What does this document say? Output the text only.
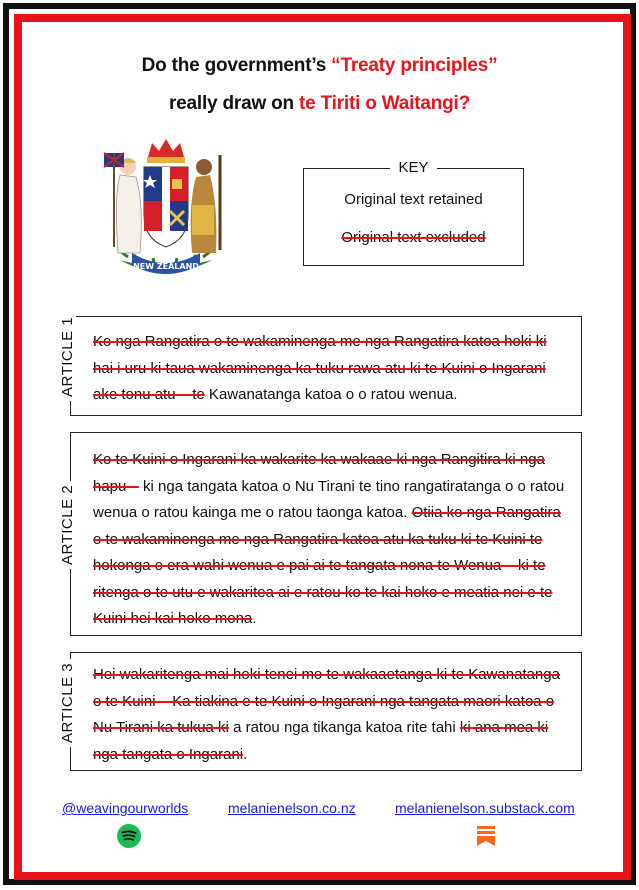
Do the government’s “Treaty principles”
really draw on te Tiriti o Waitangi?
NEW ZEALAND
KEY
Original text retained
Original text excluded
ARTICLE 1 Ko nga Rangatira o te wakaminenga me nga Rangatira katoa hoki ki hai i uru ki taua wakaminenga ka tuku rawa atu ki te Kuini o Ingarani ake tonu atu – te Kawanatanga katoa o o ratou wenua.
ARTICLE 2
Ko te Kuini o Ingarani ka wakarite ka wakaae ki nga Rangitira ki nga hapu – ki nga tangata katoa o Nu Tirani te tino rangatiratanga o o ratou wenua o ratou kainga me o ratou taonga katoa. Otiia ko nga Rangatira o te wakaminenga me nga Rangatira katoa atu ka tuku ki te Kuini te hokonga o era wahi wenua e pai ai te tangata nona te Wenua – ki te ritenga o te utu e wakaritea ai e ratou ko te kai hoko e meatia nei e te Kuini hei kai hoko mona.
ARTICLE 3 Hei wakaritenga mai hoki tenei mo te wakaaetanga ki te Kawanatanga o te Kuini – Ka tiakina e te Kuini o Ingarani nga tangata maori katoa o Nu Tirani ka tukua ki a ratou nga tikanga katoa rite tahi ki ana mea ki nga tangata o Ingarani.
@weavingourworlds	melanienelson.co.nz	melanienelson.substack.com
